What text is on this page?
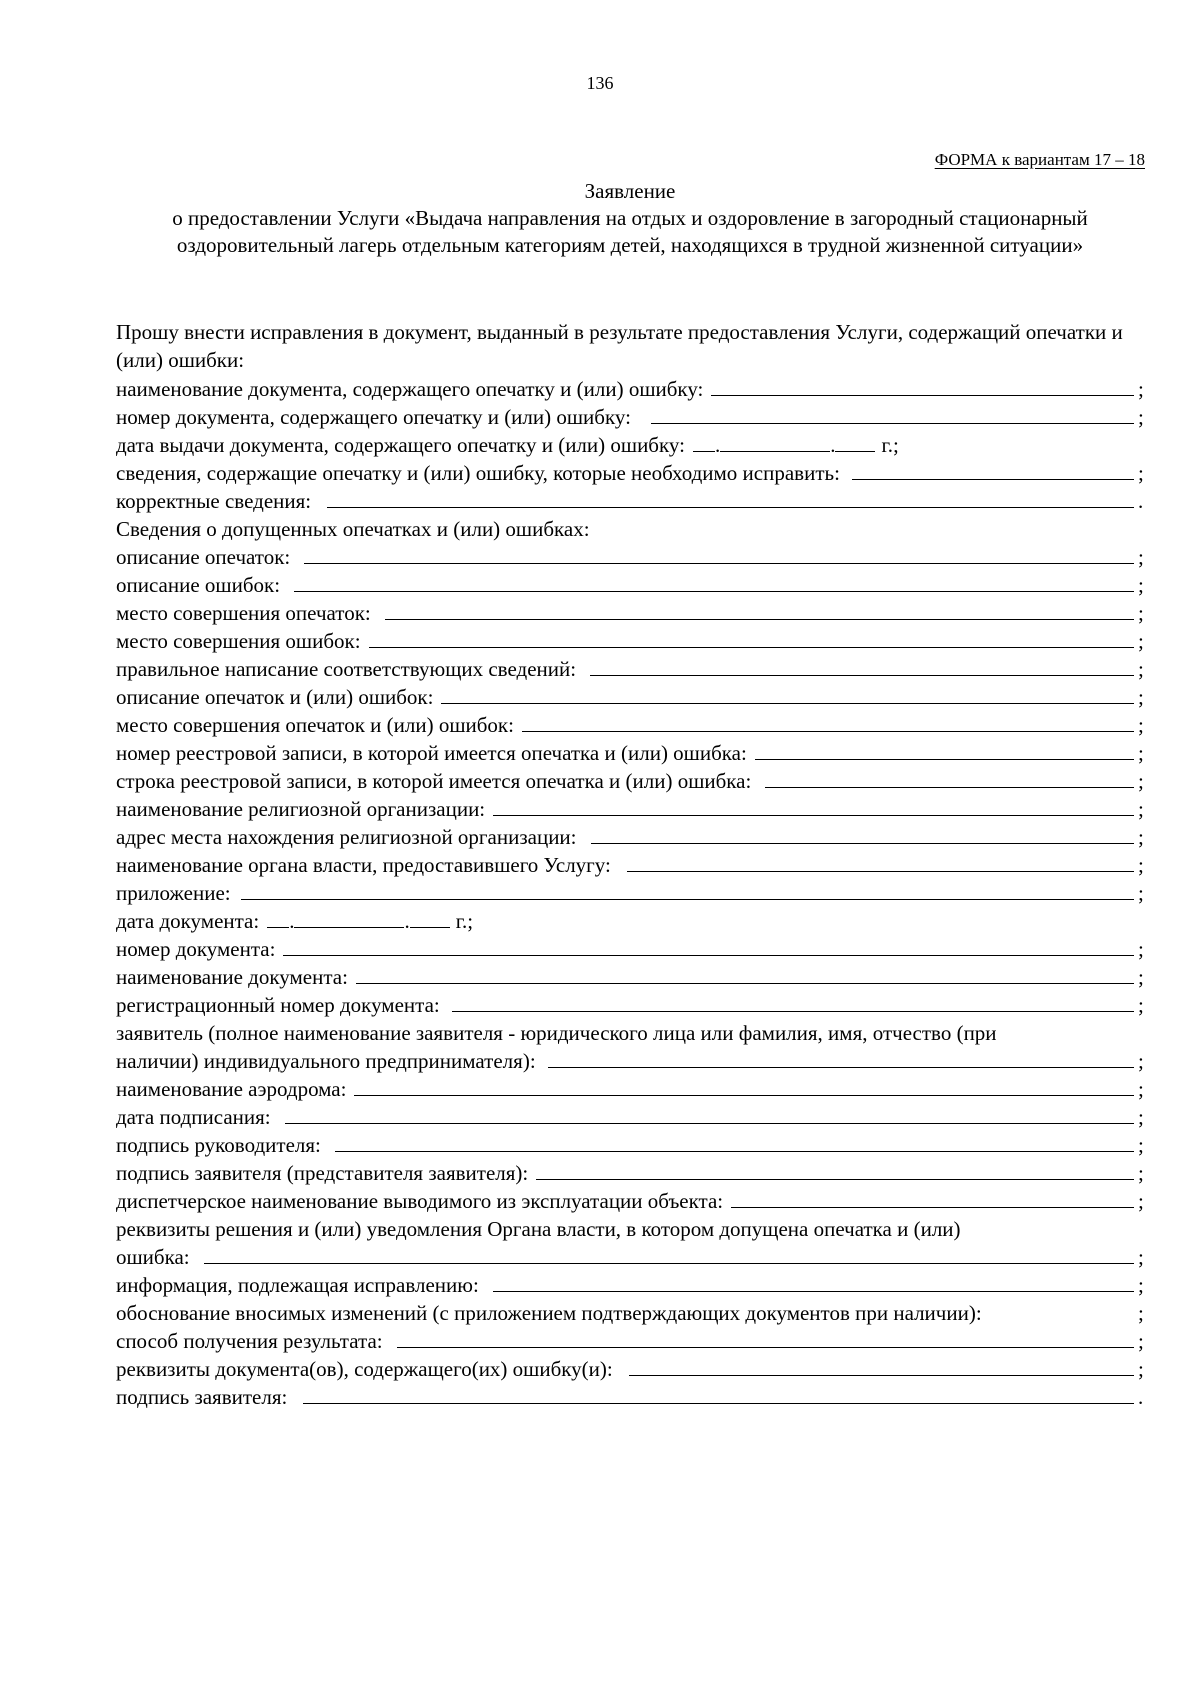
136
ФОРМА к вариантам 17 – 18
Заявление
о предоставлении Услуги «Выдача направления на отдых и оздоровление в загородный стационарный оздоровительный лагерь отдельным категориям детей, находящихся в трудной жизненной ситуации»
Прошу внести исправления в документ, выданный в результате предоставления Услуги, содержащий опечатки и (или) ошибки:
наименование документа, содержащего опечатку и (или) ошибку:	;
номер документа, содержащего опечатку и (или) ошибку:	;
дата выдачи документа, содержащего опечатку и (или) ошибку:	.	. г.;
сведения, содержащие опечатку и (или) ошибку, которые необходимо исправить:	;
корректные сведения:	.
Сведения о допущенных опечатках и (или) ошибках:
описание опечаток:	;
описание ошибок:	;
место совершения опечаток:	;
место совершения ошибок:	;
правильное написание соответствующих сведений:	;
описание опечаток и (или) ошибок:	;
место совершения опечаток и (или) ошибок:	;
номер реестровой записи, в которой имеется опечатка и (или) ошибка:	;
строка реестровой записи, в которой имеется опечатка и (или) ошибка:	;
наименование религиозной организации:	;
адрес места нахождения религиозной организации:	;
наименование органа власти, предоставившего Услугу:	;
приложение:	;
дата документа:	.	. г.;
номер документа:	;
наименование документа:	;
регистрационный номер документа:	;
заявитель (полное наименование заявителя - юридического лица или фамилия, имя, отчество (при
наличии) индивидуального предпринимателя):	;
наименование аэродрома:	;
дата подписания:	;
подпись руководителя:	;
подпись заявителя (представителя заявителя):	;
диспетчерское наименование выводимого из эксплуатации объекта:	;
реквизиты решения и (или) уведомления Органа власти, в котором допущена опечатка и (или)
ошибка:	;
информация, подлежащая исправлению:	;
обоснование вносимых изменений (с приложением подтверждающих документов при наличии):	;
способ получения результата:	;
реквизиты документа(ов), содержащего(их) ошибку(и):	;
подпись заявителя:	.
